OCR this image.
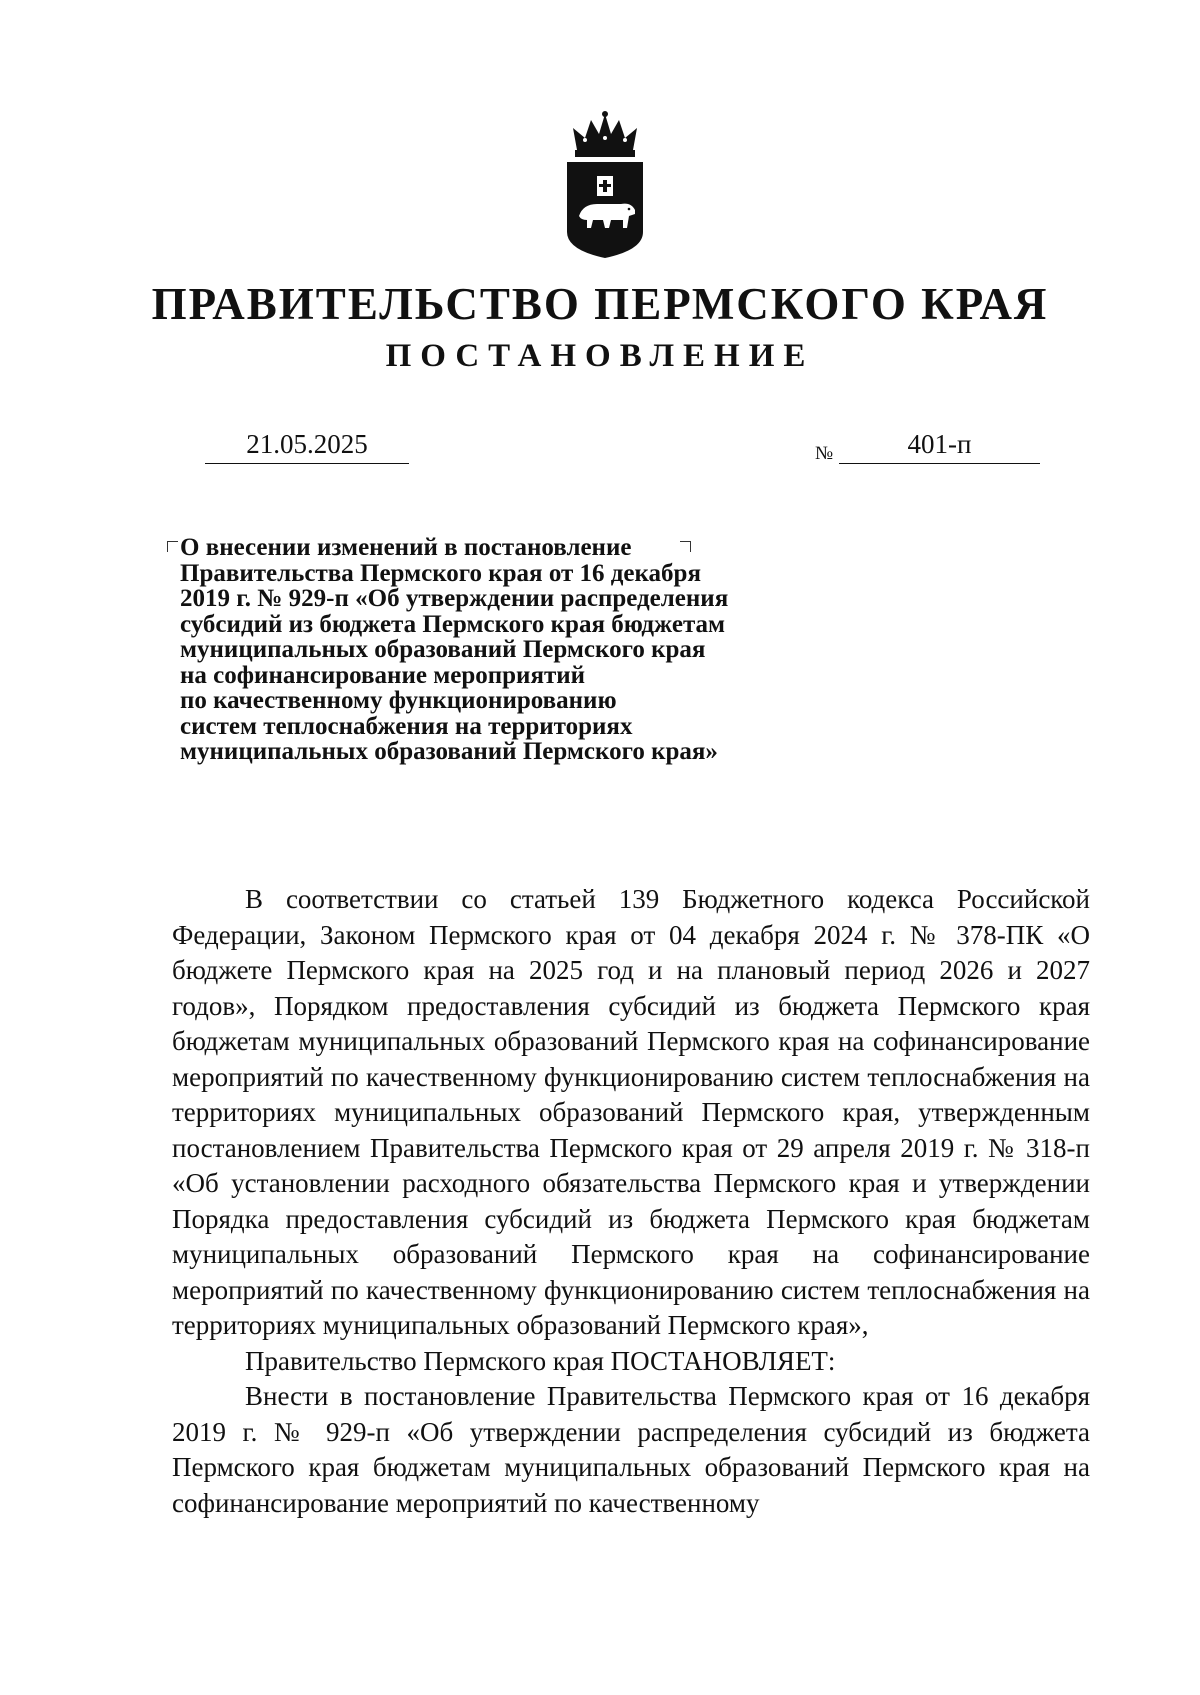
ПРАВИТЕЛЬСТВО ПЕРМСКОГО КРАЯ
ПОСТАНОВЛЕНИЕ
21.05.2025	№	401-п
О внесении изменений в постановление
Правительства Пермского края от 16 декабря
2019 г. № 929-п «Об утверждении распределения
субсидий из бюджета Пермского края бюджетам
муниципальных образований Пермского края
на софинансирование мероприятий
по качественному функционированию
систем теплоснабжения на территориях
муниципальных образований Пермского края»

В соответствии со статьей 139 Бюджетного кодекса Российской Федерации, Законом Пермского края от 04 декабря 2024 г. № 378-ПК «О бюджете Пермского края на 2025 год и на плановый период 2026 и 2027 годов», Порядком предоставления субсидий из бюджета Пермского края бюджетам муниципальных образований Пермского края на софинансирование мероприятий по качественному функционированию систем теплоснабжения на территориях муниципальных образований Пермского края, утвержденным постановлением Правительства Пермского края от 29 апреля 2019 г. № 318-п «Об установлении расходного обязательства Пермского края и утверждении Порядка предоставления субсидий из бюджета Пермского края бюджетам муниципальных образований Пермского края на софинансирование мероприятий по качественному функционированию систем теплоснабжения на территориях муниципальных образований Пермского края»,

Правительство Пермского края ПОСТАНОВЛЯЕТ:

Внести в постановление Правительства Пермского края от 16 декабря 2019 г. № 929-п «Об утверждении распределения субсидий из бюджета Пермского края бюджетам муниципальных образований Пермского края на софинансирование мероприятий по качественному
